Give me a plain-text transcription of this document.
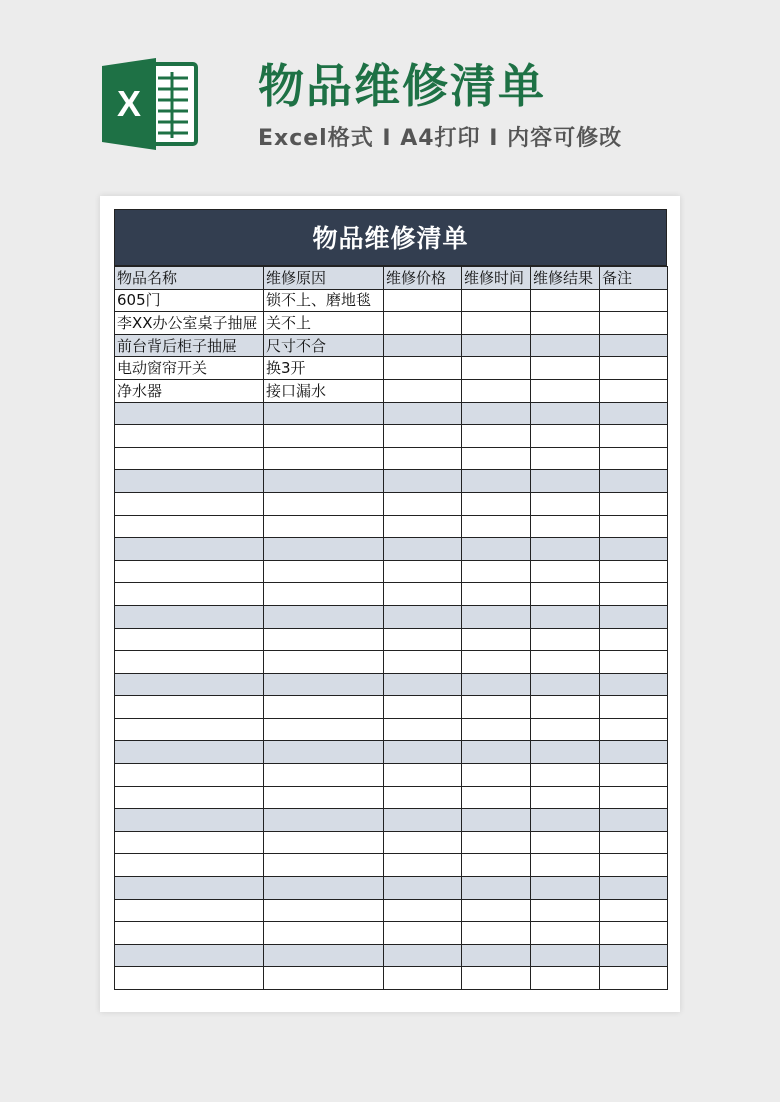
X	物品维修清单
Excel格式 I A4打印 I 内容可修改
物品维修清单
物品名称	维修原因	维修价格	维修时间	维修结果	备注
605门	锁不上、磨地毯				
李XX办公室桌子抽屉	关不上				
前台背后柜子抽屉	尺寸不合				
电动窗帘开关	换3开				
净水器	接口漏水				
